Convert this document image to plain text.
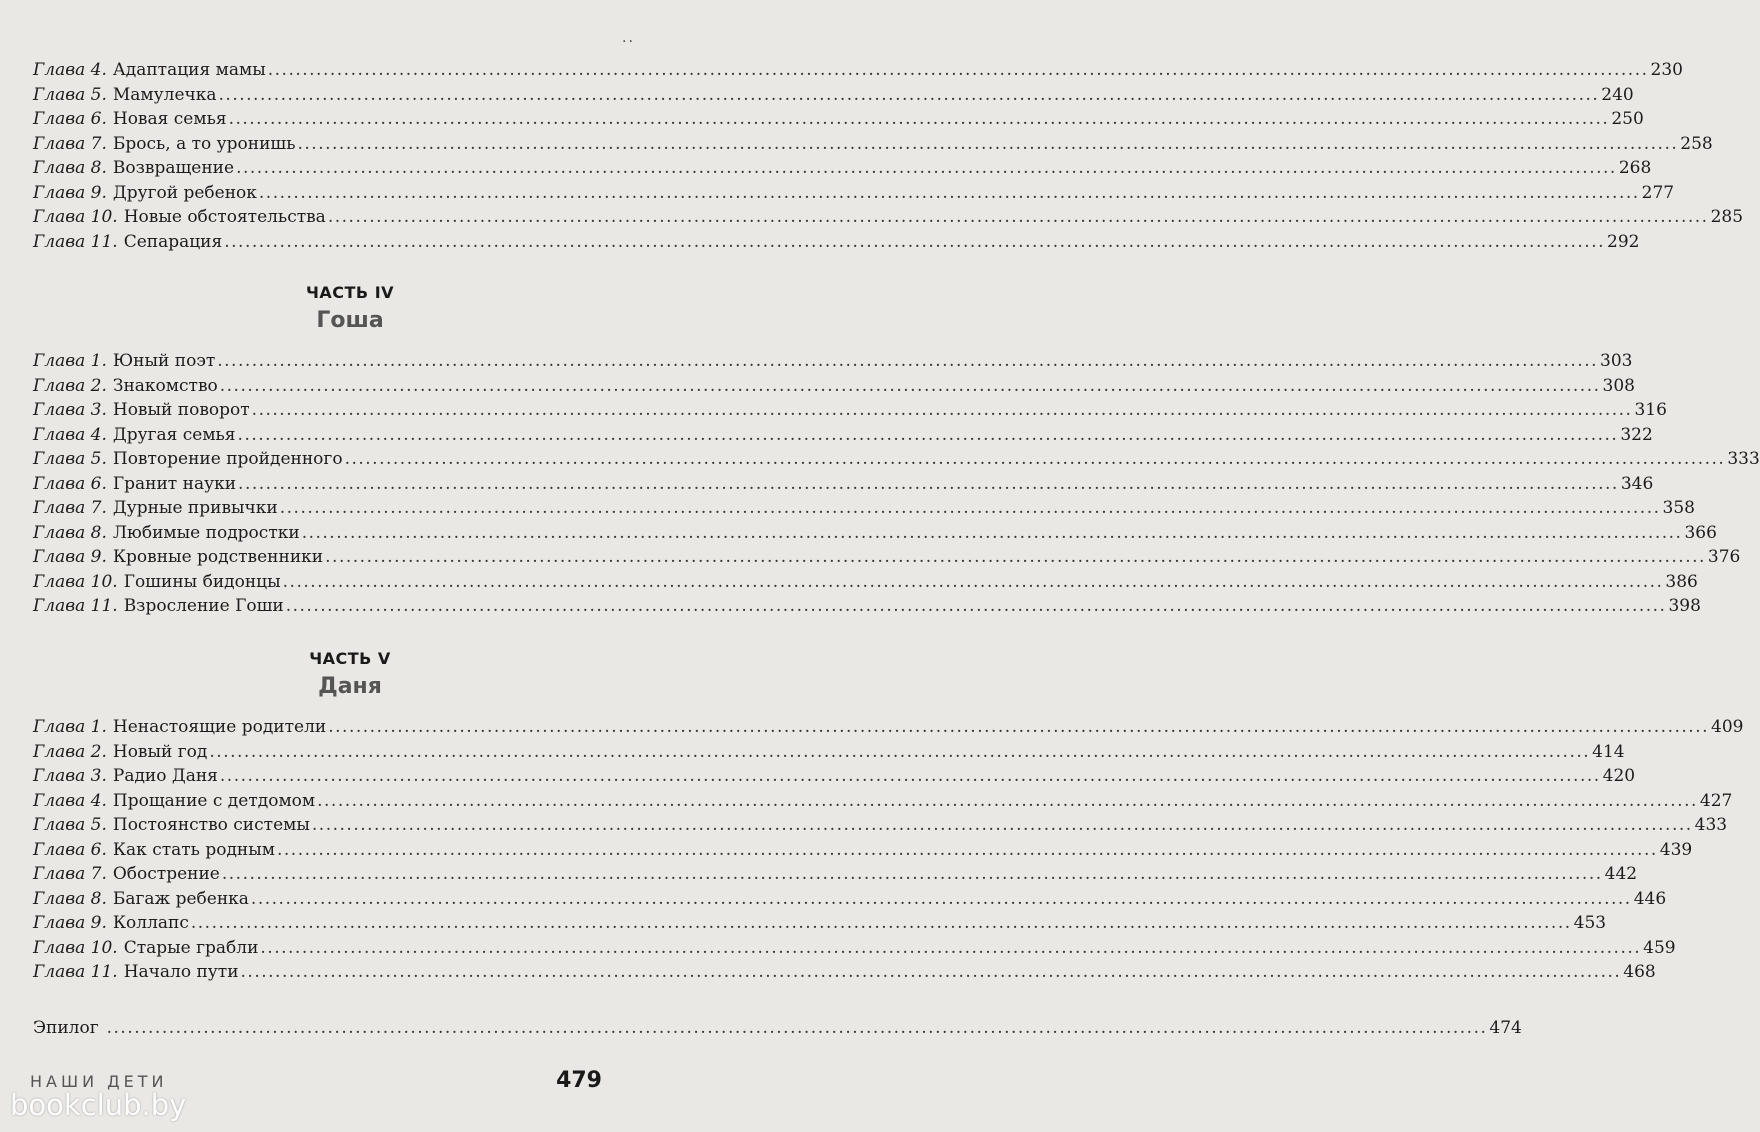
..
Глава 4. Адаптация мамы ........................................................................................................................................................................................................ 230
Глава 5. Мамулечка ........................................................................................................................................................................................................ 240
Глава 6. Новая семья ........................................................................................................................................................................................................ 250
Глава 7. Брось, а то уронишь ........................................................................................................................................................................................................ 258
Глава 8. Возвращение ........................................................................................................................................................................................................ 268
Глава 9. Другой ребенок ........................................................................................................................................................................................................ 277
Глава 10. Новые обстоятельства ........................................................................................................................................................................................................ 285
Глава 11. Сепарация ........................................................................................................................................................................................................ 292
ЧАСТЬ IV
Гоша
Глава 1. Юный поэт ........................................................................................................................................................................................................ 303
Глава 2. Знакомство ........................................................................................................................................................................................................ 308
Глава 3. Новый поворот ........................................................................................................................................................................................................ 316
Глава 4. Другая семья ........................................................................................................................................................................................................ 322
Глава 5. Повторение пройденного ........................................................................................................................................................................................................ 333
Глава 6. Гранит науки ........................................................................................................................................................................................................ 346
Глава 7. Дурные привычки ........................................................................................................................................................................................................ 358
Глава 8. Любимые подростки ........................................................................................................................................................................................................ 366
Глава 9. Кровные родственники ........................................................................................................................................................................................................ 376
Глава 10. Гошины бидонцы ........................................................................................................................................................................................................ 386
Глава 11. Взросление Гоши ........................................................................................................................................................................................................ 398
ЧАСТЬ V
Даня
Глава 1. Ненастоящие родители ........................................................................................................................................................................................................ 409
Глава 2. Новый год ........................................................................................................................................................................................................ 414
Глава 3. Радио Даня ........................................................................................................................................................................................................ 420
Глава 4. Прощание с детдомом ........................................................................................................................................................................................................ 427
Глава 5. Постоянство системы ........................................................................................................................................................................................................ 433
Глава 6. Как стать родным ........................................................................................................................................................................................................ 439
Глава 7. Обострение ........................................................................................................................................................................................................ 442
Глава 8. Багаж ребенка ........................................................................................................................................................................................................ 446
Глава 9. Коллапс ........................................................................................................................................................................................................ 453
Глава 10. Старые грабли ........................................................................................................................................................................................................ 459
Глава 11. Начало пути ........................................................................................................................................................................................................ 468
Эпилог ........................................................................................................................................................................................................ 474
НАШИ ДЕТИ	479
bookclub.by
